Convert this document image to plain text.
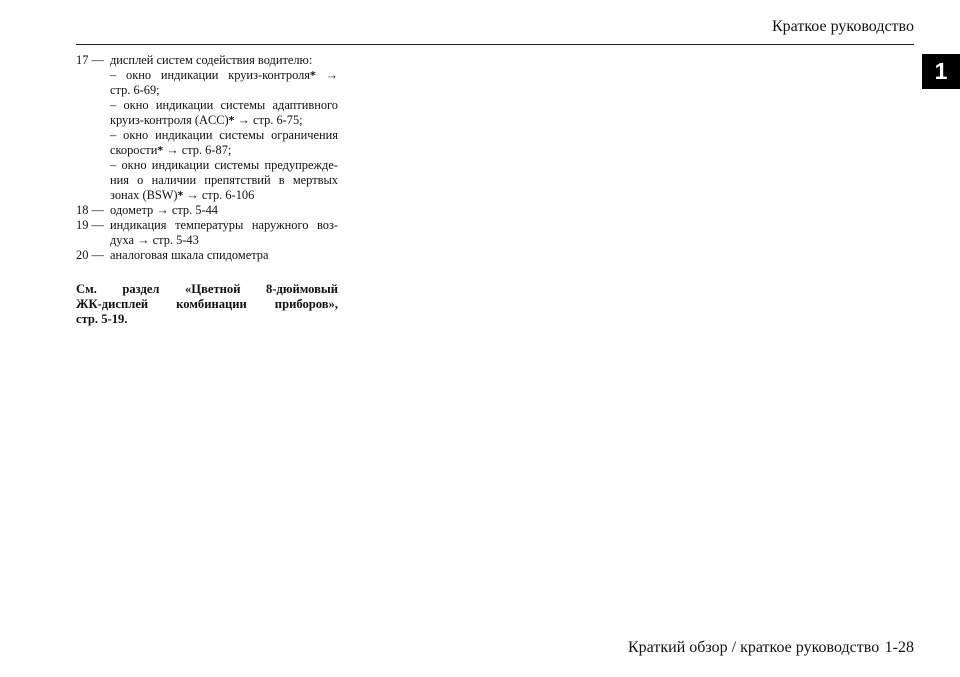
Краткое руководство
1
17 — дисплей систем содействия водителю:
– окно индикации круиз-контроля* →
стр. 6-69;
– окно индикации системы адаптивного
круиз-контроля (ACC)* → стр. 6-75;
– окно индикации системы ограничения
скорости* → стр. 6-87;
– окно индикации системы предупрежде-
ния о наличии препятствий в мертвых
зонах (BSW)* → стр. 6-106
18 — одометр → стр. 5-44
19 — индикация температуры наружного воз-
духа → стр. 5-43
20 — аналоговая шкала спидометра
См. раздел «Цветной 8-дюймовый
ЖК-дисплей комбинации приборов»,
стр. 5-19.
Краткий обзор / краткое руководство 1-28
